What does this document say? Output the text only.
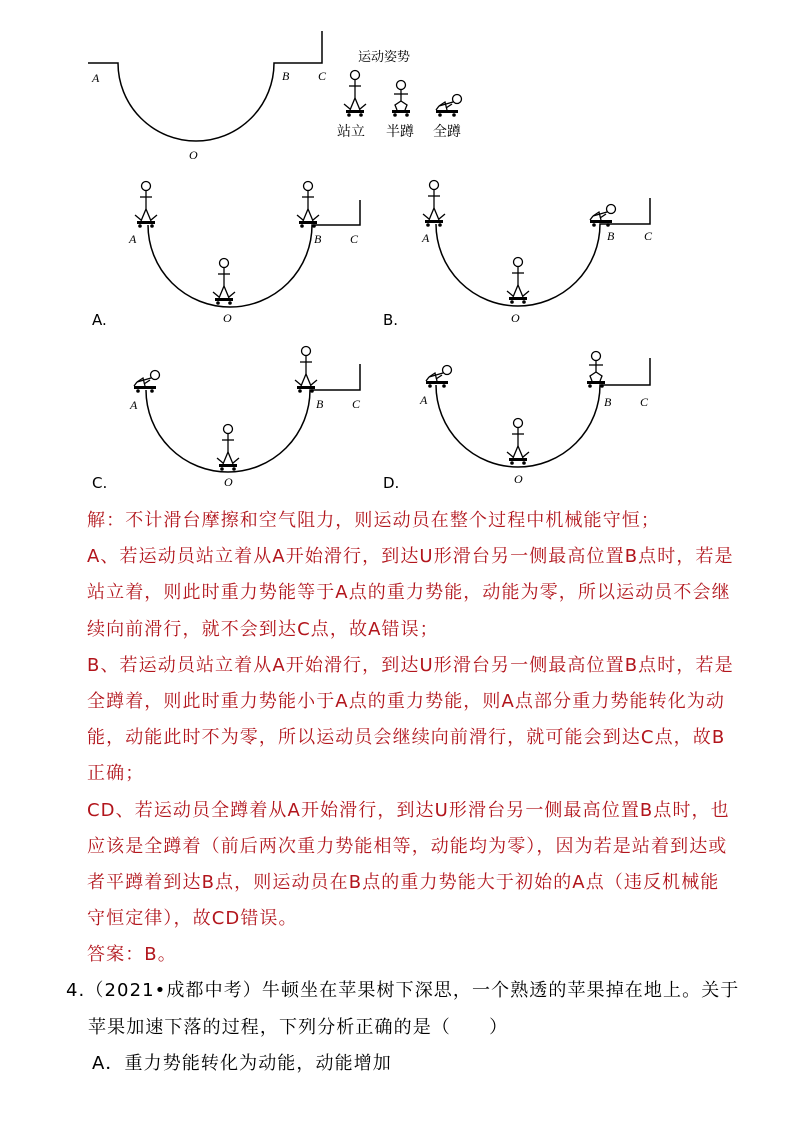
A	B C
O
运动姿势
站立 半蹲 全蹲
A	B C
O
A.
A	B C
O
B.
A	B C
O
C.
A	B C
O
D.

解：不计滑台摩擦和空气阻力，则运动员在整个过程中机械能守恒；

A、若运动员站立着从A开始滑行，到达U形滑台另一侧最高位置B点时，若是站立着，则此时重力势能等于A点的重力势能，动能为零，所以运动员不会继续向前滑行，就不会到达C点，故A错误；

B、若运动员站立着从A开始滑行，到达U形滑台另一侧最高位置B点时，若是全蹲着，则此时重力势能小于A点的重力势能，则A点部分重力势能转化为动能，动能此时不为零，所以运动员会继续向前滑行，就可能会到达C点，故B正确；

CD、若运动员全蹲着从A开始滑行，到达U形滑台另一侧最高位置B点时，也应该是全蹲着（前后两次重力势能相等，动能均为零），因为若是站着到达或者平蹲着到达B点，则运动员在B点的重力势能大于初始的A点（违反机械能守恒定律），故CD错误。

答案：B。

4.（2021•成都中考）牛顿坐在苹果树下深思，一个熟透的苹果掉在地上。关于苹果加速下落的过程，下列分析正确的是（　　）

A．重力势能转化为动能，动能增加
